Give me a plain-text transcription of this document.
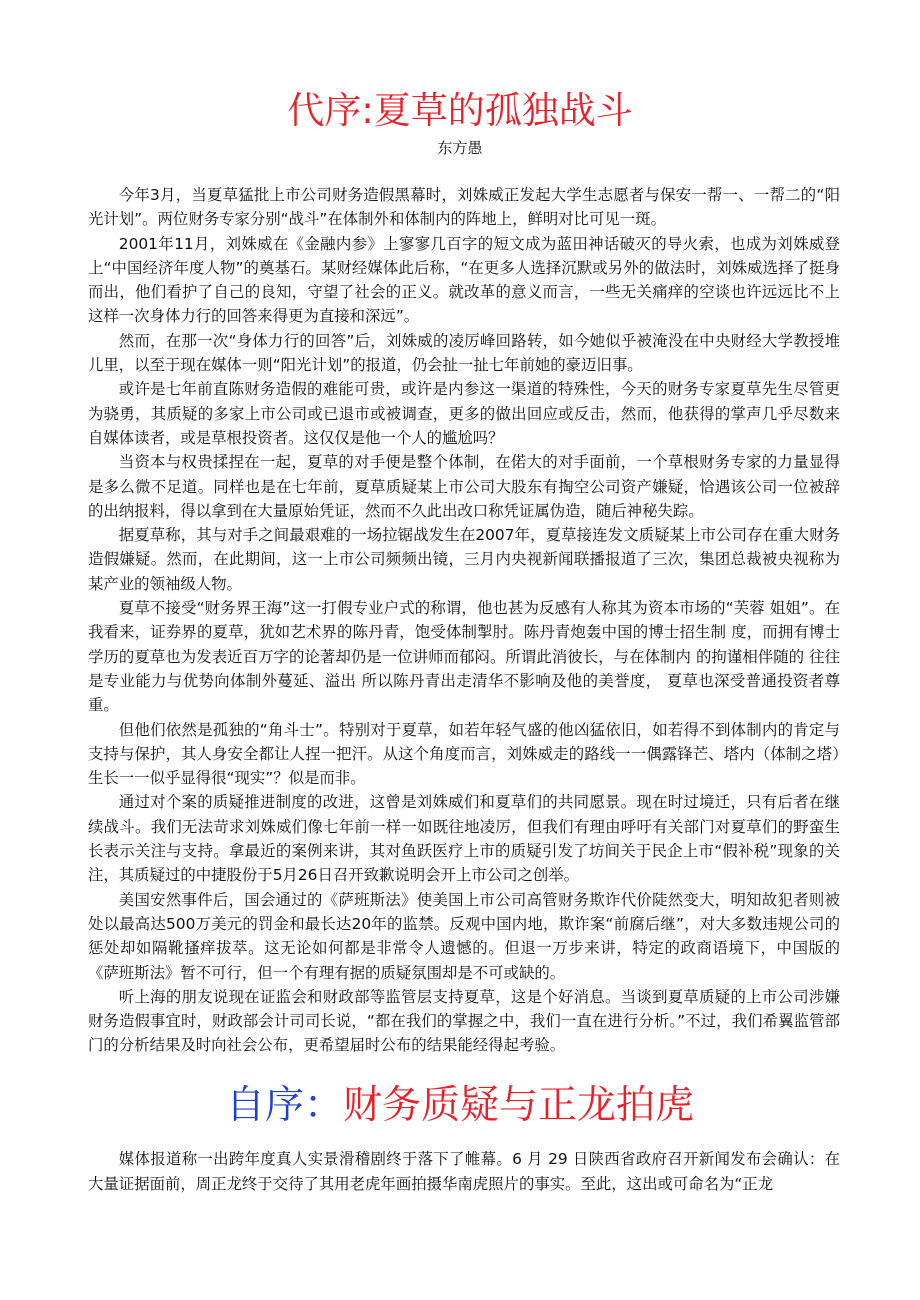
代序:夏草的孤独战斗
东方愚

今年3月，当夏草猛批上市公司财务造假黑幕时，刘姝威正发起大学生志愿者与保安一帮一、一帮二的“阳光计划”。两位财务专家分别“战斗”在体制外和体制内的阵地上，鲜明对比可见一斑。

2001年11月，刘姝威在《金融内参》上寥寥几百字的短文成为蓝田神话破灭的导火索，也成为刘姝威登上“中国经济年度人物”的奠基石。某财经媒体此后称，“在更多人选择沉默或另外的做法时，刘姝威选择了挺身而出，他们看护了自己的良知，守望了社会的正义。就改革的意义而言，一些无关痛痒的空谈也许远远比不上这样一次身体力行的回答来得更为直接和深远”。

然而，在那一次“身体力行的回答”后，刘姝威的凌厉峰回路转，如今她似乎被淹没在中央财经大学教授堆儿里，以至于现在媒体一则“阳光计划”的报道，仍会扯一扯七年前她的豪迈旧事。

或许是七年前直陈财务造假的难能可贵，或许是内参这一渠道的特殊性，今天的财务专家夏草先生尽管更为骁勇，其质疑的多家上市公司或已退市或被调查，更多的做出回应或反击，然而，他获得的掌声几乎尽数来自媒体读者，或是草根投资者。这仅仅是他一个人的尴尬吗？

当资本与权贵揉捏在一起，夏草的对手便是整个体制，在偌大的对手面前，一个草根财务专家的力量显得是多么微不足道。同样也是在七年前，夏草质疑某上市公司大股东有掏空公司资产嫌疑，恰遇该公司一位被辞的出纳报料，得以拿到在大量原始凭证，然而不久此出改口称凭证属伪造，随后神秘失踪。

据夏草称，其与对手之间最艰难的一场拉锯战发生在2007年，夏草接连发文质疑某上市公司存在重大财务造假嫌疑。然而，在此期间，这一上市公司频频出镜，三月内央视新闻联播报道了三次，集团总裁被央视称为某产业的领袖级人物。

夏草不接受“财务界王海”这一打假专业户式的称谓，他也甚为反感有人称其为资本市场的“芙蓉 姐姐”。在我看来，证券界的夏草，犹如艺术界的陈丹青，饱受体制掣肘。陈丹青炮轰中国的博士招生制 度，而拥有博士学历的夏草也为发表近百万字的论著却仍是一位讲师而郁闷。所谓此消彼长，与在体制内 的拘谨相伴随的 往往是专业能力与优势向体制外蔓延、溢出 所以陈丹青出走清华不影响及他的美誉度， 夏草也深受普通投资者尊重。

但他们依然是孤独的“角斗士”。特别对于夏草，如若年轻气盛的他凶猛依旧，如若得不到体制内的肯定与支持与保护，其人身安全都让人捏一把汗。从这个角度而言，刘姝威走的路线一一偶露锋芒、塔内（体制之塔）生长一一似乎显得很“现实”？似是而非。

通过对个案的质疑推进制度的改进，这曾是刘姝威们和夏草们的共同愿景。现在时过境迁，只有后者在继续战斗。我们无法苛求刘姝威们像七年前一样一如既往地凌厉，但我们有理由呼吁有关部门对夏草们的野蛮生长表示关注与支持。拿最近的案例来讲，其对鱼跃医疗上市的质疑引发了坊间关于民企上市“假补税”现象的关注，其质疑过的中捷股份于5月26日召开致歉说明会开上市公司之创举。

美国安然事件后，国会通过的《萨班斯法》使美国上市公司高管财务欺诈代价陡然变大，明知故犯者则被处以最高达500万美元的罚金和最长达20年的监禁。反观中国内地，欺诈案“前腐后继”，对大多数违规公司的惩处却如隔靴搔痒拔萃。这无论如何都是非常令人遗憾的。但退一万步来讲，特定的政商语境下，中国版的《萨班斯法》暂不可行，但一个有理有据的质疑氛围却是不可或缺的。

听上海的朋友说现在证监会和财政部等监管层支持夏草，这是个好消息。当谈到夏草质疑的上市公司涉嫌财务造假事宜时，财政部会计司司长说，“都在我们的掌握之中，我们一直在进行分析。”不过，我们希翼监管部门的分析结果及时向社会公布，更希望届时公布的结果能经得起考验。

自序：财务质疑与正龙拍虎

媒体报道称一出跨年度真人实景滑稽剧终于落下了帷幕。6 月 29 日陕西省政府召开新闻发布会确认：在大量证据面前，周正龙终于交待了其用老虎年画拍摄华南虎照片的事实。至此，这出或可命名为“正龙
